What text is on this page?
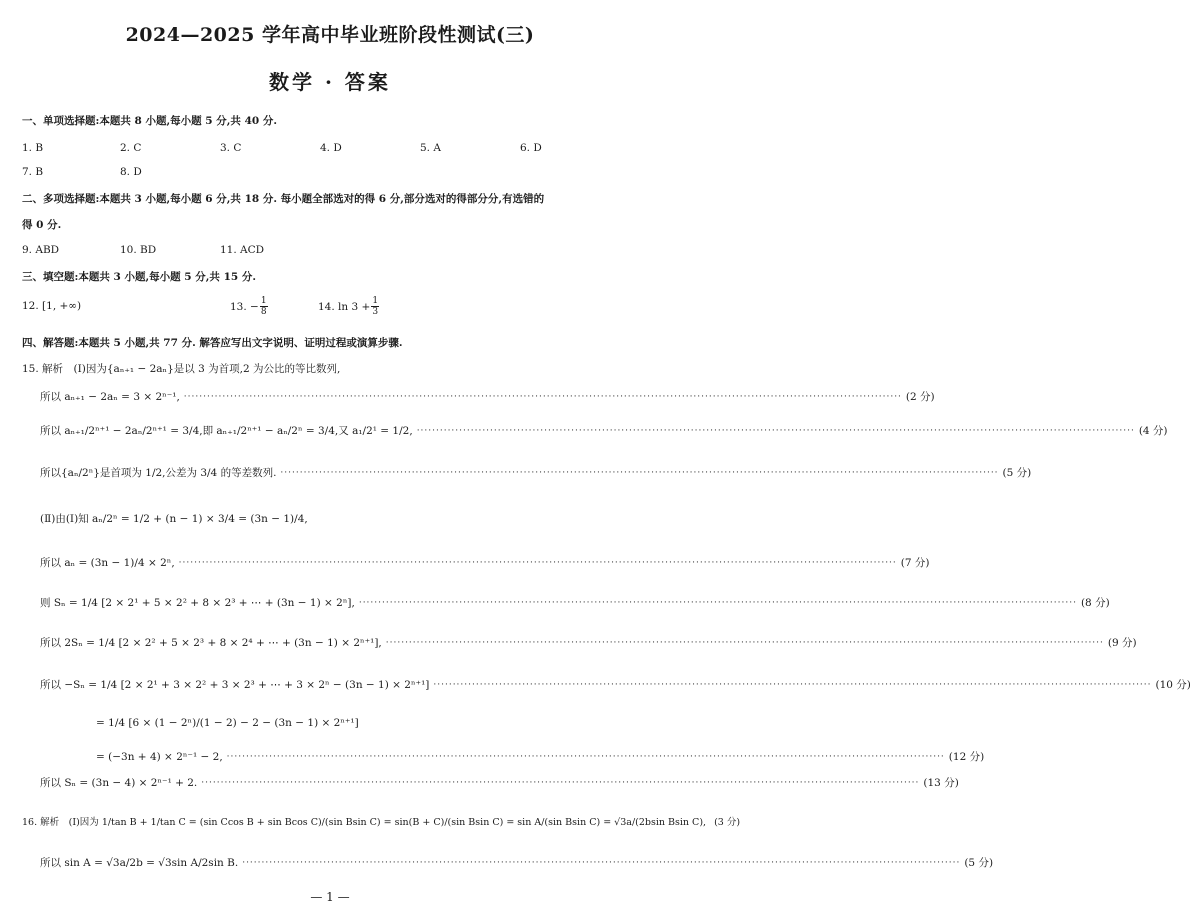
2024—2025 学年高中毕业班阶段性测试(三)
数学 · 答案
一、单项选择题:本题共 8 小题,每小题 5 分,共 40 分.
1. B	2. C	3. C	4. D	5. A	6. D
7. B	8. D
二、多项选择题:本题共 3 小题,每小题 6 分,共 18 分. 每小题全部选对的得 6 分,部分选对的得部分分,有选错的
得 0 分.
9. ABD	10. BD	11. ACD
三、填空题:本题共 3 小题,每小题 5 分,共 15 分.
12. [1, +∞)	13. − $\frac{1}{8}$	14. $\ln 3 + \frac{1}{3}$
四、解答题:本题共 5 小题,共 77 分. 解答应写出文字说明、证明过程或演算步骤.
15. 解析　(Ⅰ)因为{aₙ₊₁ − 2aₙ}是以 3 为首项,2 为公比的等比数列,
所以 aₙ₊₁ − 2aₙ = 3 × 2ⁿ⁻¹, ·····	(2 分)
所以 aₙ₊₁/2ⁿ⁺¹ − 2aₙ/2ⁿ⁺¹ = 3/4,即 aₙ₊₁/2ⁿ⁺¹ − aₙ/2ⁿ = 3/4,又 a₁/2¹ = 1/2, ·····	(4 分)
所以{aₙ/2ⁿ}是首项为 1/2,公差为 3/4 的等差数列. ·····	(5 分)
(Ⅱ)由(Ⅰ)知 aₙ/2ⁿ = 1/2 + (n − 1) × 3/4 = (3n − 1)/4,
所以 aₙ = (3n − 1)/4 × 2ⁿ, ·····	(7 分)
则 Sₙ = 1/4 [2 × 2¹ + 5 × 2² + 8 × 2³ + ⋯ + (3n − 1) × 2ⁿ], ·····	(8 分)
所以 2Sₙ = 1/4 [2 × 2² + 5 × 2³ + 8 × 2⁴ + ⋯ + (3n − 1) × 2ⁿ⁺¹], ·····	(9 分)
所以 −Sₙ = 1/4 [2 × 2¹ + 3 × 2² + 3 × 2³ + ⋯ + 3 × 2ⁿ − (3n − 1) × 2ⁿ⁺¹] ·····	(10 分)
= 1/4 [6 × (1 − 2ⁿ)/(1 − 2) − 2 − (3n − 1) × 2ⁿ⁺¹]
= (−3n + 4) × 2ⁿ⁻¹ − 2, ·····	(12 分)
所以 Sₙ = (3n − 4) × 2ⁿ⁻¹ + 2. ·····	(13 分)
16. 解析　(Ⅰ)因为 1/tan B + 1/tan C = (sin Ccos B + sin Bcos C)/(sin Bsin C) = sin(B + C)/(sin Bsin C) = sin A/(sin Bsin C) = √3a/(2bsin Bsin C), (3 分)
所以 sin A = √3a/2b = √3sin A/2sin B. ·····	(5 分)
— 1 —
